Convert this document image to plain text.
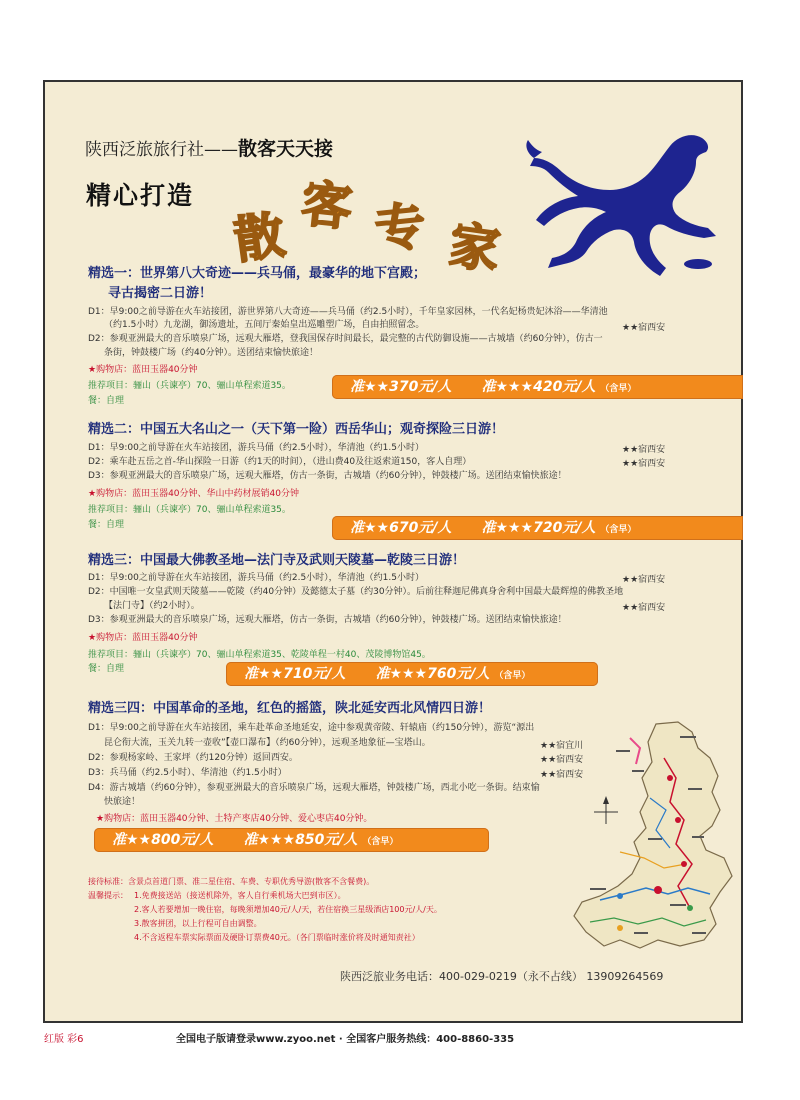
陕西泛旅旅行社——散客天天接
精心打造
散 客 专 家
精选一：世界第八大奇迹——兵马俑，最豪华的地下宫殿；
寻古揭密二日游！
D1：早9:00之前导游在火车站接团，游世界第八大奇迹——兵马俑（约2.5小时），千年皇家园林，一代名妃杨贵妃沐浴——华清池
（约1.5小时）九龙湖，御汤遗址，五间厅秦始皇出巡雕塑广场，自由拍照留念。	★★宿西安
D2：参观亚洲最大的音乐喷泉广场，远观大雁塔，登我国保存时间最长，最完整的古代防御设施——古城墙（约60分钟），仿古一
条街，钟鼓楼广场（约40分钟）。送团结束愉快旅途！
★购物店：蓝田玉器40分钟
推荐项目：骊山（兵谏亭）70、骊山单程索道35。
餐：自理
准★★370元/人 准★★★420元/人 （含早）
精选二：中国五大名山之一（天下第一险）西岳华山；观奇探险三日游！
D1：早9:00之前导游在火车站接团，游兵马俑（约2.5小时），华清池（约1.5小时）	★★宿西安
D2：乘车赴五岳之首-华山探险一日游（约1天的时间），（进山费40及往返索道150，客人自理）	★★宿西安
D3：参观亚洲最大的音乐喷泉广场，远观大雁塔，仿古一条街，古城墙（约60分钟），钟鼓楼广场。送团结束愉快旅途！
★购物店：蓝田玉器40分钟、华山中药材展销40分钟
推荐项目：骊山（兵谏亭）70、骊山单程索道35。
餐：自理	准★★670元/人 准★★★720元/人 （含早）
精选三：中国最大佛教圣地—法门寺及武则天陵墓—乾陵三日游！
D1：早9:00之前导游在火车站接团，游兵马俑（约2.5小时），华清池（约1.5小时）	★★宿西安
D2：中国唯一女皇武则天陵墓——乾陵（约40分钟）及懿德太子墓（约30分钟）。后前往释迦尼佛真身舍利中国最大最辉煌的佛教圣地
【法门寺】（约2小时）。	★★宿西安
D3：参观亚洲最大的音乐喷泉广场，远观大雁塔，仿古一条街，古城墙（约60分钟），钟鼓楼广场。送团结束愉快旅途！
★购物店：蓝田玉器40分钟
推荐项目：骊山（兵谏亭）70、骊山单程索道35、乾陵单程一村40、茂陵博物馆45。
餐：自理	准★★710元/人 准★★★760元/人 （含早）
精选三四：中国革命的圣地，红色的摇篮，陕北延安西北风情四日游！
D1：早9:00之前导游在火车站接团，乘车赴革命圣地延安，途中参观黄帝陵、轩辕庙（约150分钟），游览“源出
昆仑衔大流，玉关九转一壶收”【壶口瀑布】（约60分钟），远观圣地象征—宝塔山。	★★宿宜川
D2：参观杨家岭、王家坪（约120分钟）返回西安。	★★宿西安
D3：兵马俑（约2.5小时）、华清池（约1.5小时）	★★宿西安
D4：游古城墙（约60分钟），参观亚洲最大的音乐喷泉广场，远观大雁塔，钟鼓楼广场，西北小吃一条街。结束愉
快旅途！
★购物店：蓝田玉器40分钟、土特产枣店40分钟、爱心枣店40分钟。
准★★800元/人 准★★★850元/人 （含早）
接待标准：含景点首道门票、准二星住宿、车费、专职优秀导游(散客不含餐费)。
温馨提示： 1.免费接送站（接送机除外，客人自行乘机场大巴到市区）。
2.客人若要增加一晚住宿，每晚须增加40元/人/天，若住宿换三星级酒店100元/人/天。
3.散客拼团，以上行程可自由调整。
4.不含返程车票实际票面及硬卧订票费40元。（各门票临时涨价将及时通知责社）
陕西泛旅业务电话：400-029-0219（永不占线） 13909264569
红版 彩6	全国电子版请登录www.zyoo.net · 全国客户服务热线：400-8860-335
